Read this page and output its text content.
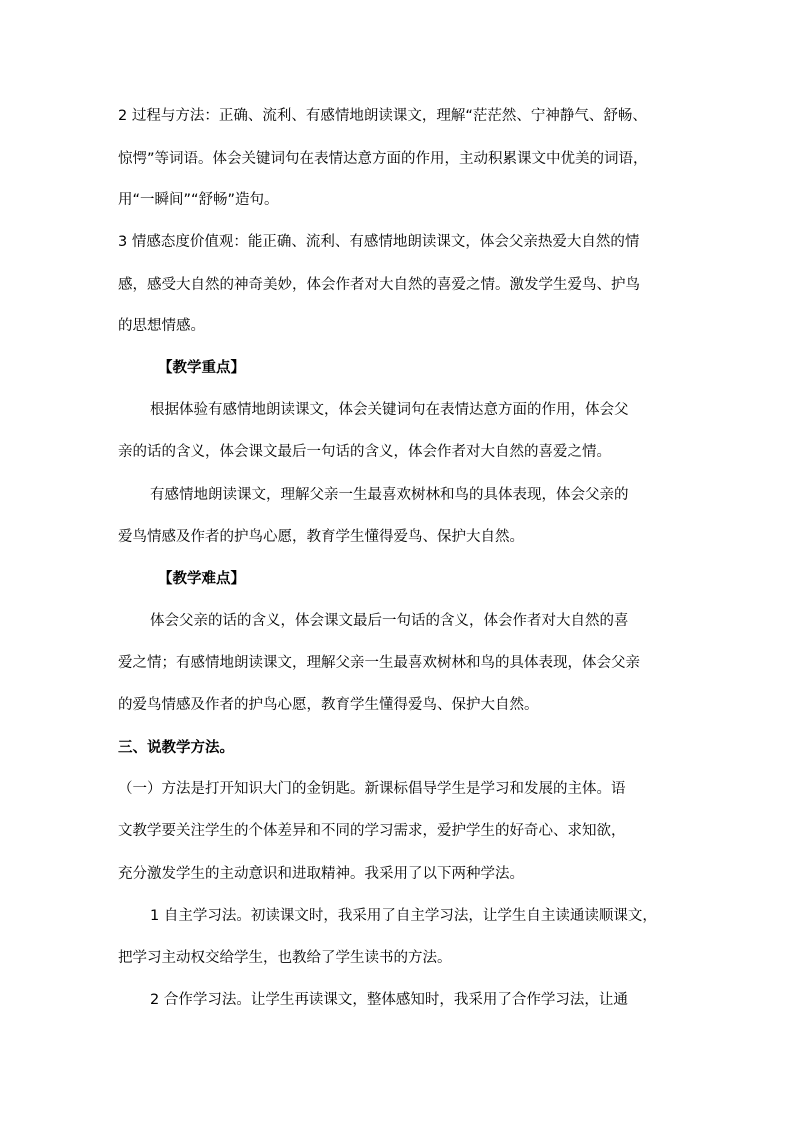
2 过程与方法：正确、流利、有感情地朗读课文，理解“茫茫然、宁神静气、舒畅、
惊愕”等词语。体会关键词句在表情达意方面的作用，主动积累课文中优美的词语，
用“一瞬间”“舒畅”造句。
3 情感态度价值观：能正确、流利、有感情地朗读课文，体会父亲热爱大自然的情
感，感受大自然的神奇美妙，体会作者对大自然的喜爱之情。激发学生爱鸟、护鸟
的思想情感。
【教学重点】
根据体验有感情地朗读课文，体会关键词句在表情达意方面的作用，体会父
亲的话的含义，体会课文最后一句话的含义，体会作者对大自然的喜爱之情。
有感情地朗读课文，理解父亲一生最喜欢树林和鸟的具体表现，体会父亲的
爱鸟情感及作者的护鸟心愿，教育学生懂得爱鸟、保护大自然。
【教学难点】
体会父亲的话的含义，体会课文最后一句话的含义，体会作者对大自然的喜
爱之情；有感情地朗读课文，理解父亲一生最喜欢树林和鸟的具体表现，体会父亲
的爱鸟情感及作者的护鸟心愿，教育学生懂得爱鸟、保护大自然。
三、说教学方法。
（一）方法是打开知识大门的金钥匙。新课标倡导学生是学习和发展的主体。语
文教学要关注学生的个体差异和不同的学习需求，爱护学生的好奇心、求知欲，
充分激发学生的主动意识和进取精神。我采用了以下两种学法。
1 自主学习法。初读课文时，我采用了自主学习法，让学生自主读通读顺课文，
把学习主动权交给学生，也教给了学生读书的方法。
2 合作学习法。让学生再读课文，整体感知时，我采用了合作学习法，让通
